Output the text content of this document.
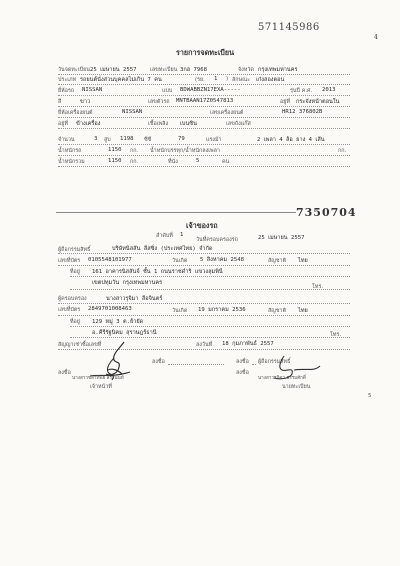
571145986
4
รายการจดทะเบียน
วันจดทะเบียน 25 เมษายน 2557	เลขทะเบียน 3กฮ 7968	จังหวัด กรุงเทพมหานคร
ประเภท รถยนต์นั่งส่วนบุคคลไม่เกิน 7 คน	(รย. 1 ) ลักษณะ เก๋งสองตอน
ยี่ห้อรถ NISSAN	แบบ BDWABBZN17EXA-----	รุ่นปี ค.ศ. 2013
สี	ขาว	เลขตัวรถ MNTBAAN17Z0547813	อยู่ที่ กระจังหน้าตอนใน
ยี่ห้อเครื่องยนต์	NISSAN	เลขเครื่องยนต์	HR12 376802B
อยู่ที่ ข้างเครื่อง	เชื้อเพลิง เบนซิน	เลขถังแก๊ส
จำนวน	3 สูบ 1198 ซีซี	79	แรงม้า	2 เพลา 4 ล้อ ยาง 4 เส้น
น้ำหนักรถ	1150 กก. น้ำหนักบรรทุก/น้ำหนักลงเพลา	กก.
น้ำหนักรวม	1150 กก.	ที่นั่ง	5	คน
7350704
เจ้าของรถ
ลำดับที่ 1
วันที่ครอบครองรถ	25 เมษายน 2557
ผู้ถือกรรมสิทธิ์	บริษัทนิสสัน ลีสซิ่ง (ประเทศไทย) จำกัด
เลขที่บัตร 0105548101977	วันเกิด 5 สิงหาคม 2548	สัญชาติ ไทย
ที่อยู่ 161 อาคารนิสสันจ์ ชั้น 1 ถนนราชดำริ แขวงลุมพินี
เขตปทุมวัน กรุงเทพมหานคร
โทร.
ผู้ครอบครอง	นางสาวรุจิมา ลีอจินตร์
เลขที่บัตร 2849701008463	วันเกิด 19 มกราคม 2536	สัญชาติ ไทย
ที่อยู่ 129 หมู่ 3 ต.ย้ายัด
อ.คีรีรัฐนิคม สุราษฎร์ธานี	โทร.
สัญญาเช่าซื้อเลขที่	ลงวันที่ 18 กุมภาพันธ์ 2557
ลงชื่อ	ลงชื่อ ผู้ถือกรรมสิทธิ์
ลงชื่อ
นางสาวชลาทิพย์ สรานนท์
เจ้าหน้าที่
ลงชื่อ
นางสาวรมิดา ธรรมศักดิ์
นายทะเบียน
5
